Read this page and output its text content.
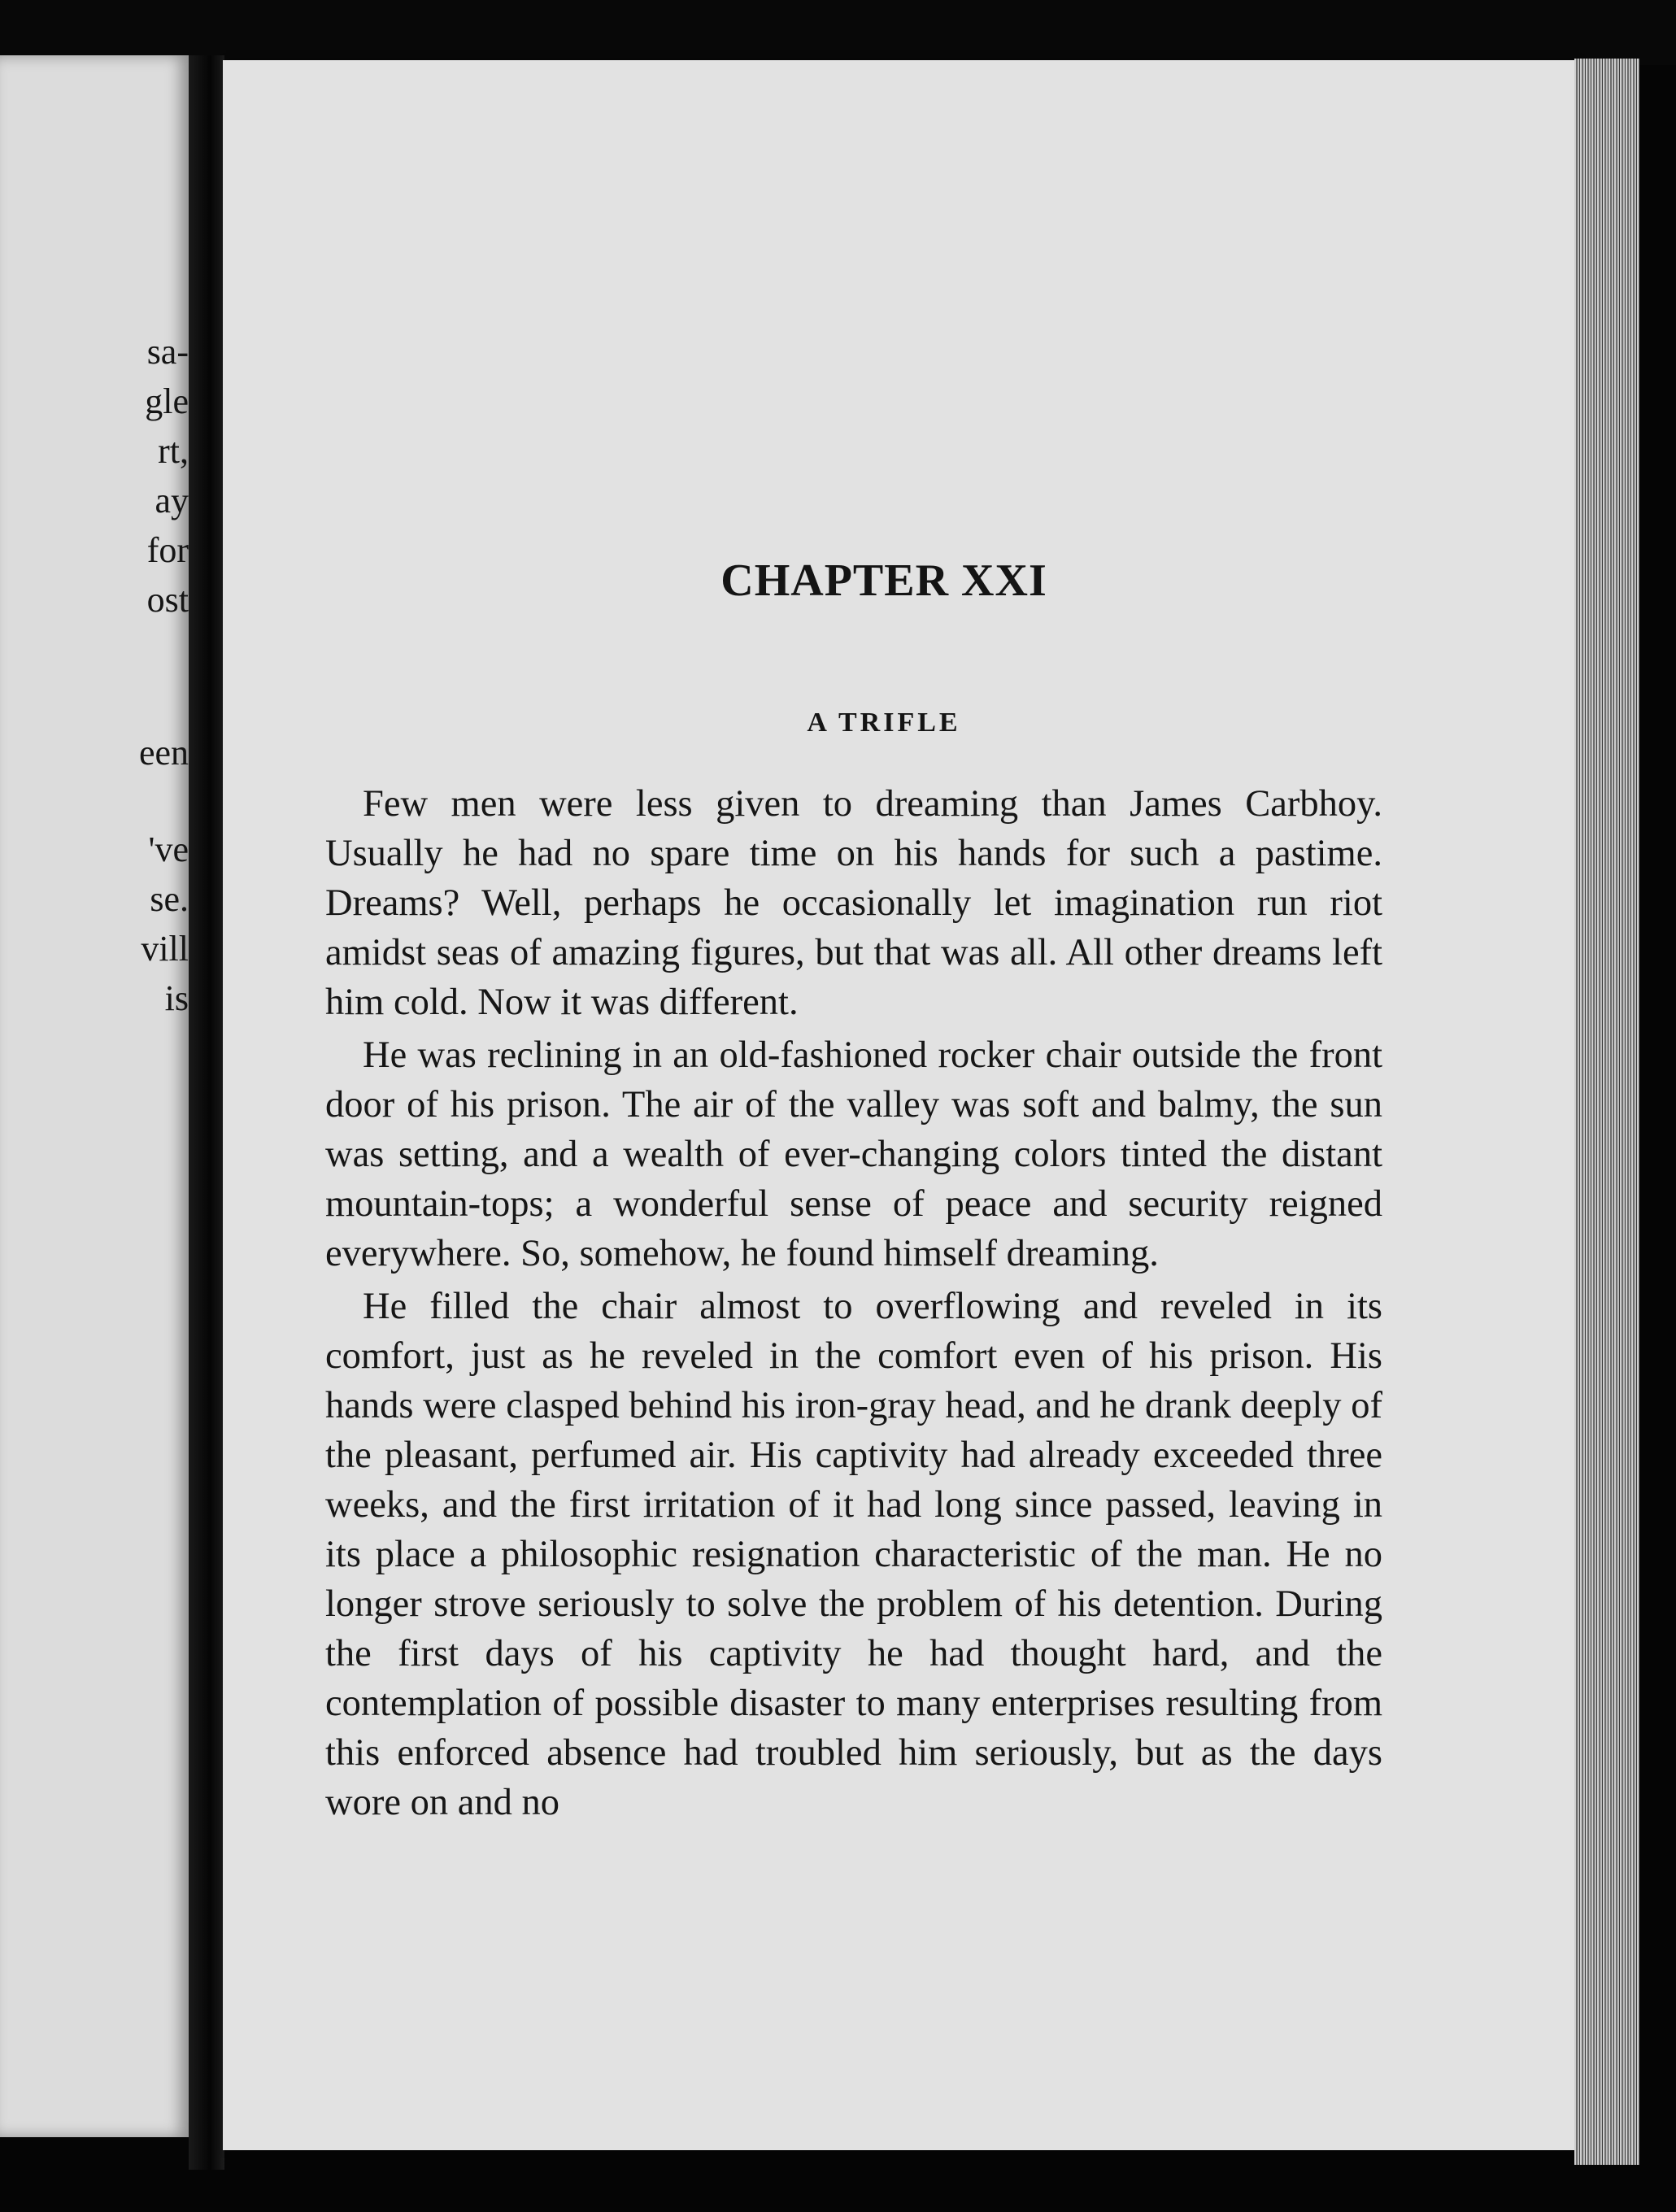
sa-
gle
rt,
ay
for
ost
een
've
se.
vill
is
CHAPTER XXI
A TRIFLE

Few men were less given to dreaming than James Carbhoy. Usually he had no spare time on his hands for such a pastime. Dreams? Well, perhaps he occasionally let imagination run riot amidst seas of amazing figures, but that was all. All other dreams left him cold. Now it was different.

He was reclining in an old-fashioned rocker chair outside the front door of his prison. The air of the valley was soft and balmy, the sun was setting, and a wealth of ever-changing colors tinted the distant mountain-tops; a wonderful sense of peace and security reigned everywhere. So, somehow, he found himself dreaming.

He filled the chair almost to overflowing and reveled in its comfort, just as he reveled in the comfort even of his prison. His hands were clasped behind his iron-gray head, and he drank deeply of the pleasant, perfumed air. His captivity had already exceeded three weeks, and the first irritation of it had long since passed, leaving in its place a philosophic resignation characteristic of the man. He no longer strove seriously to solve the problem of his detention. During the first days of his captivity he had thought hard, and the contemplation of possible disaster to many enterprises resulting from this enforced absence had troubled him seriously, but as the days wore on and no
